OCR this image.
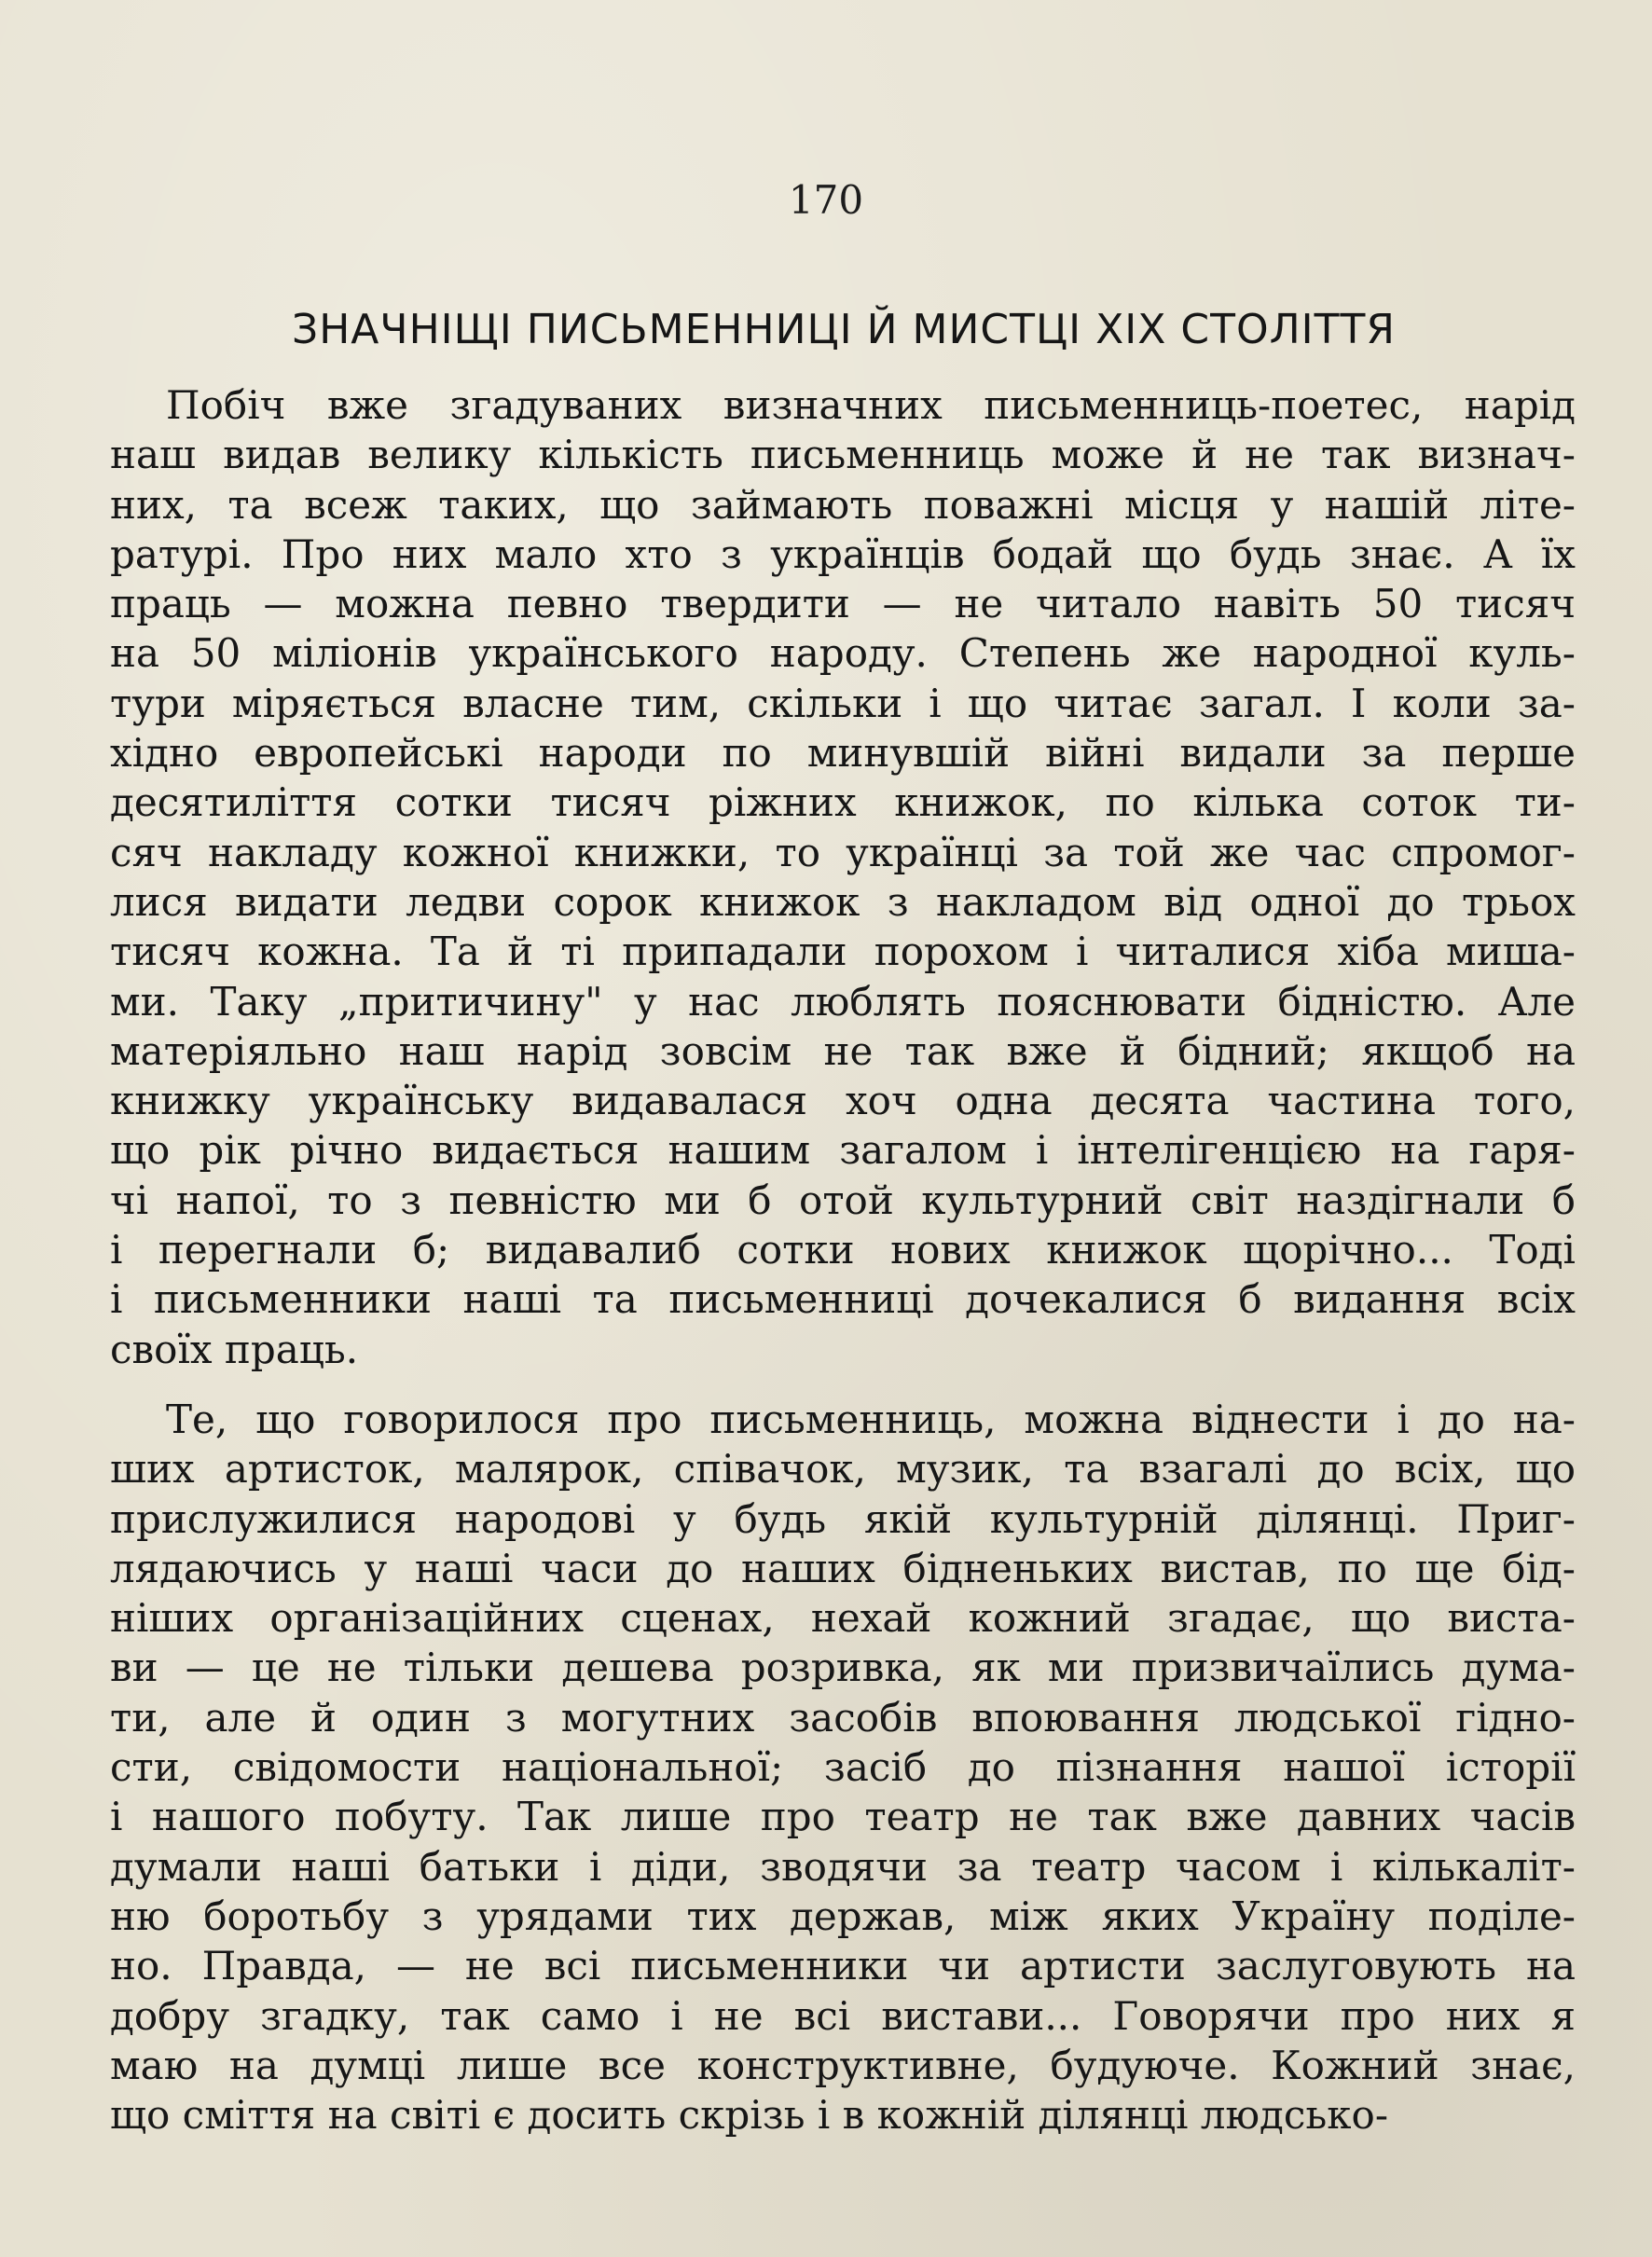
170
ЗНАЧНІЩІ ПИСЬМЕННИЦІ Й МИСТЦІ XIX СТОЛІТТЯ
Побіч вже згадуваних визначних письменниць-поетес, нарід
наш видав велику кількість письменниць може й не так визнач-
них, та всеж таких, що займають поважні місця у нашій літе-
ратурі. Про них мало хто з українців бодай що будь знає. А їх
праць — можна певно твердити — не читало навіть 50 тисяч
на 50 міліонів українського народу. Степень же народної куль-
тури міряється власне тим, скільки і що читає загал. І коли за-
хідно европейські народи по минувшій війні видали за перше
десятиліття сотки тисяч ріжних книжок, по кілька соток ти-
сяч накладу кожної книжки, то українці за той же час спромог-
лися видати ледви сорок книжок з накладом від одної до трьох
тисяч кожна. Та й ті припадали порохом і читалися хіба миша-
ми. Таку „притичину" у нас люблять пояснювати бідністю. Але
матеріяльно наш нарід зовсім не так вже й бідний; якщоб на
книжку українську видавалася хоч одна десята частина того,
що рік річно видається нашим загалом і інтелігенцією на гаря-
чі напої, то з певністю ми б отой культурний світ наздігнали б
і перегнали б; видавалиб сотки нових книжок щорічно... Тоді
і письменники наші та письменниці дочекалися б видання всіх
своїх праць.
Те, що говорилося про письменниць, можна віднести і до на-
ших артисток, малярок, співачок, музик, та взагалі до всіх, що
прислужилися народові у будь якій культурній ділянці. Приг-
лядаючись у наші часи до наших бідненьких вистав, по ще бід-
ніших організаційних сценах, нехай кожний згадає, що виста-
ви — це не тільки дешева розривка, як ми призвичаїлись дума-
ти, але й один з могутних засобів впоювання людської гідно-
сти, свідомости національної; засіб до пізнання нашої історії
і нашого побуту. Так лише про театр не так вже давних часів
думали наші батьки і діди, зводячи за театр часом і кількаліт-
ню боротьбу з урядами тих держав, між яких Україну поділе-
но. Правда, — не всі письменники чи артисти заслуговують на
добру згадку, так само і не всі вистави... Говорячи про них я
маю на думці лише все конструктивне, будуюче. Кожний знає,
що сміття на світі є досить скрізь і в кожній ділянці людсько-
